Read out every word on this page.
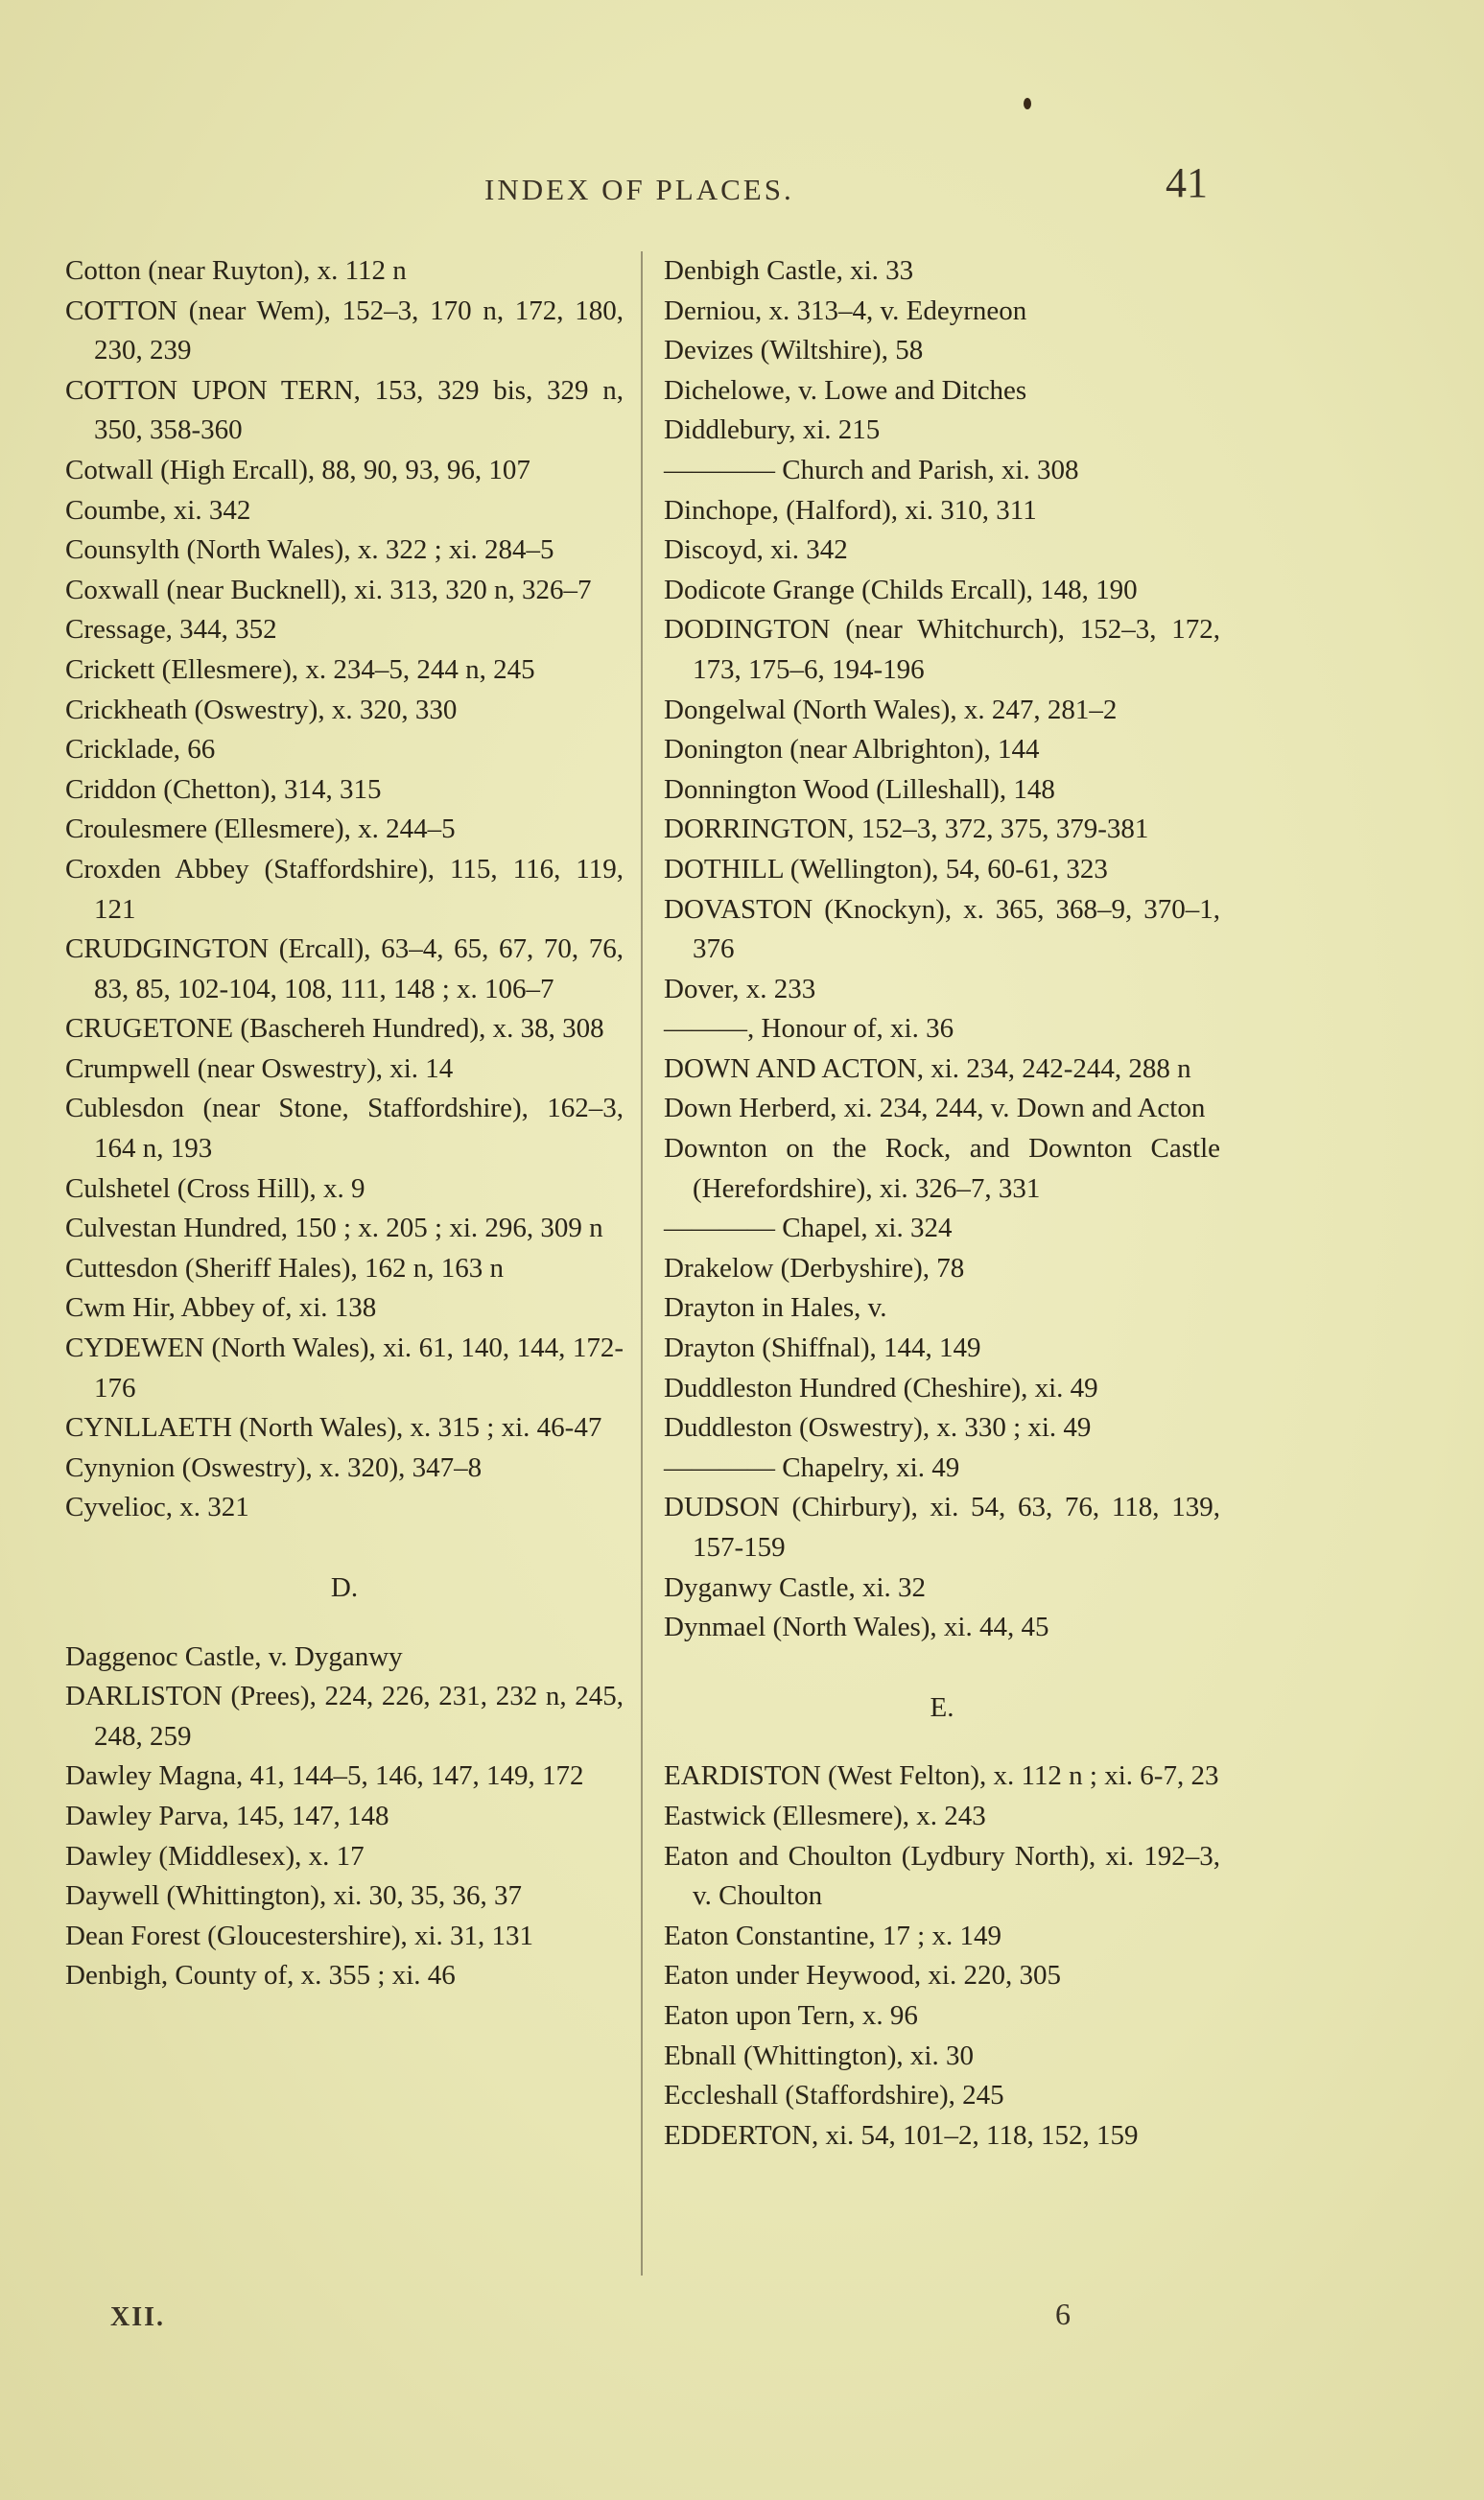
INDEX OF PLACES.	41
Cotton (near Ruyton), x. 112 n
COTTON (near Wem), 152–3, 170 n, 172, 180, 230, 239
COTTON UPON TERN, 153, 329 bis, 329 n, 350, 358-360
Cotwall (High Ercall), 88, 90, 93, 96, 107
Coumbe, xi. 342
Counsylth (North Wales), x. 322 ; xi. 284–5
Coxwall (near Bucknell), xi. 313, 320 n, 326–7
Cressage, 344, 352
Crickett (Ellesmere), x. 234–5, 244 n, 245
Crickheath (Oswestry), x. 320, 330
Cricklade, 66
Criddon (Chetton), 314, 315
Croulesmere (Ellesmere), x. 244–5
Croxden Abbey (Staffordshire), 115, 116, 119, 121
CRUDGINGTON (Ercall), 63–4, 65, 67, 70, 76, 83, 85, 102-104, 108, 111, 148 ; x. 106–7
CRUGETONE (Baschereh Hundred), x. 38, 308
Crumpwell (near Oswestry), xi. 14
Cublesdon (near Stone, Staffordshire), 162–3, 164 n, 193
Culshetel (Cross Hill), x. 9
Culvestan Hundred, 150 ; x. 205 ; xi. 296, 309 n
Cuttesdon (Sheriff Hales), 162 n, 163 n
Cwm Hir, Abbey of, xi. 138
CYDEWEN (North Wales), xi. 61, 140, 144, 172-176
CYNLLAETH (North Wales), x. 315 ; xi. 46-47
Cynynion (Oswestry), x. 320), 347–8
Cyvelioc, x. 321
D.
Daggenoc Castle, v. Dyganwy
DARLISTON (Prees), 224, 226, 231, 232 n, 245, 248, 259
Dawley Magna, 41, 144–5, 146, 147, 149, 172
Dawley Parva, 145, 147, 148
Dawley (Middlesex), x. 17
Daywell (Whittington), xi. 30, 35, 36, 37
Dean Forest (Gloucestershire), xi. 31, 131
Denbigh, County of, x. 355 ; xi. 46
Denbigh Castle, xi. 33
Derniou, x. 313–4, v. Edeyrneon
Devizes (Wiltshire), 58
Dichelowe, v. Lowe and Ditches
Diddlebury, xi. 215
———— Church and Parish, xi. 308
Dinchope, (Halford), xi. 310, 311
Discoyd, xi. 342
Dodicote Grange (Childs Ercall), 148, 190
DODINGTON (near Whitchurch), 152–3, 172, 173, 175–6, 194-196
Dongelwal (North Wales), x. 247, 281–2
Donington (near Albrighton), 144
Donnington Wood (Lilleshall), 148
DORRINGTON, 152–3, 372, 375, 379-381
DOTHILL (Wellington), 54, 60-61, 323
DOVASTON (Knockyn), x. 365, 368–9, 370–1, 376
Dover, x. 233
———, Honour of, xi. 36
DOWN AND ACTON, xi. 234, 242-244, 288 n
Down Herberd, xi. 234, 244, v. Down and Acton
Downton on the Rock, and Downton Castle (Herefordshire), xi. 326–7, 331
———— Chapel, xi. 324
Drakelow (Derbyshire), 78
Drayton in Hales, v.
Drayton (Shiffnal), 144, 149
Duddleston Hundred (Cheshire), xi. 49
Duddleston (Oswestry), x. 330 ; xi. 49
———— Chapelry, xi. 49
DUDSON (Chirbury), xi. 54, 63, 76, 118, 139, 157-159
Dyganwy Castle, xi. 32
Dynmael (North Wales), xi. 44, 45
E.
EARDISTON (West Felton), x. 112 n ; xi. 6-7, 23
Eastwick (Ellesmere), x. 243
Eaton and Choulton (Lydbury North), xi. 192–3, v. Choulton
Eaton Constantine, 17 ; x. 149
Eaton under Heywood, xi. 220, 305
Eaton upon Tern, x. 96
Ebnall (Whittington), xi. 30
Eccleshall (Staffordshire), 245
EDDERTON, xi. 54, 101–2, 118, 152, 159
XII.	6
